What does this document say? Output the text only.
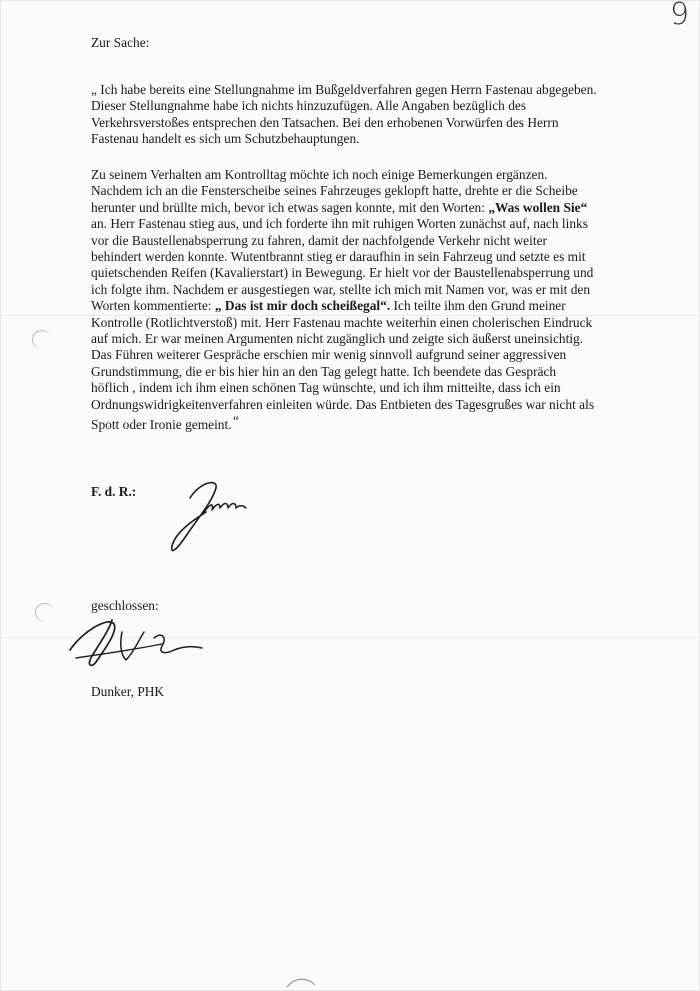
9
Zur Sache:
„ Ich habe bereits eine Stellungnahme im Bußgeldverfahren gegen Herrn Fastenau abgegeben.
Dieser Stellungnahme habe ich nichts hinzuzufügen. Alle Angaben bezüglich des
Verkehrsverstoßes entsprechen den Tatsachen. Bei den erhobenen Vorwürfen des Herrn
Fastenau handelt es sich um Schutzbehauptungen.
Zu seinem Verhalten am Kontrolltag möchte ich noch einige Bemerkungen ergänzen.
Nachdem ich an die Fensterscheibe seines Fahrzeuges geklopft hatte, drehte er die Scheibe
herunter und brüllte mich, bevor ich etwas sagen konnte, mit den Worten: „Was wollen Sie“
an. Herr Fastenau stieg aus, und ich forderte ihn mit ruhigen Worten zunächst auf, nach links
vor die Baustellenabsperrung zu fahren, damit der nachfolgende Verkehr nicht weiter
behindert werden konnte. Wutentbrannt stieg er daraufhin in sein Fahrzeug und setzte es mit
quietschenden Reifen (Kavalierstart) in Bewegung. Er hielt vor der Baustellenabsperrung und
ich folgte ihm. Nachdem er ausgestiegen war, stellte ich mich mit Namen vor, was er mit den
Worten kommentierte: „ Das ist mir doch scheißegal“. Ich teilte ihm den Grund meiner
Kontrolle (Rotlichtverstoß) mit. Herr Fastenau machte weiterhin einen cholerischen Eindruck
auf mich. Er war meinen Argumenten nicht zugänglich und zeigte sich äußerst uneinsichtig.
Das Führen weiterer Gespräche erschien mir wenig sinnvoll aufgrund seiner aggressiven
Grundstimmung, die er bis hier hin an den Tag gelegt hatte. Ich beendete das Gespräch
höflich , indem ich ihm einen schönen Tag wünschte, und ich ihm mitteilte, dass ich ein
Ordnungswidrigkeitenverfahren einleiten würde. Das Entbieten des Tagesgrußes war nicht als
Spott oder Ironie gemeint.“
F. d. R.:
geschlossen:
Dunker, PHK
